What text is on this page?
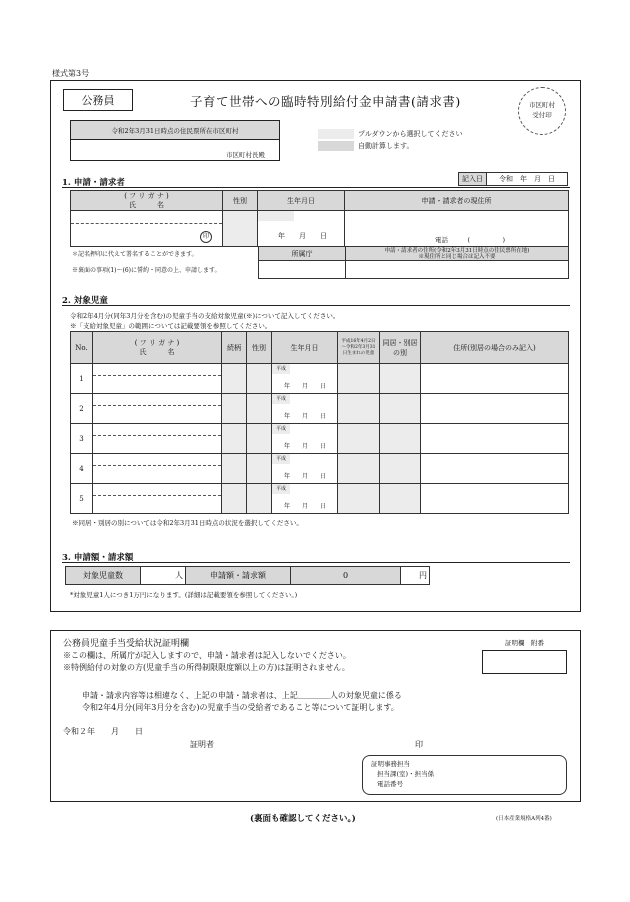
様式第3号
公務員	子育て世帯への臨時特別給付金申請書(請求書)	市区町村
受付印
令和2年3月31日時点の住民票所在市区町村
市区町村長殿
プルダウンから選択してください
自動計算します。
1. 申請・請求者	記入日	令和　年　月　日
( フ リ ガ ナ )
氏　　　名	性別	生年月日	申請・請求者の現住所

印		年　　月　　日	電話　　　(　　　　　)
＊記名押印に代えて署名することができます。
※裏面の事項(1)～(6)に誓約・同意の上、申請します。
所属庁	申請・請求者の住所(令和2年3月31日時点の住民票所在地)
※現住所と同じ場合は記入不要

2. 対象児童
令和2年4月分(同年3月分を含む)の児童手当の支給対象児童(※)について記入してください。
※「支給対象児童」の範囲については記載要領を参照してください。
No.	( フ リ ガ ナ )
氏　　　名	続柄	性別	生年月日	平成16年4月2日～令和2年3月31日生まれの児童	同居・別居の別	住所(別居の場合のみ記入)
1				平成
年　　月　　日			

2				平成
年　　月　　日			

3				平成
年　　月　　日			

4				平成
年　　月　　日			

5				平成
年　　月　　日			

※同居・別居の別については令和2年3月31日時点の状況を選択してください。
3. 申請額・請求額
対象児童数	人	申請額・請求額	0	円
*対象児童1人につき1万円になります。(詳細は記載要領を参照してください。)
公務員児童手当受給状況証明欄	証明欄　附番
※この欄は、所属庁が記入しますので、申請・請求者は記入しないでください。
※特例給付の対象の方(児童手当の所得制限限度額以上の方)は証明されません。
申請・請求内容等は相違なく、上記の申請・請求者は、上記＿＿＿＿人の対象児童に係る
令和2年4月分(同年3月分を含む)の児童手当の受給者であること等について証明します。
令和２年　　月　　日
証明者	印
証明事務担当
担当課(室)・担当係
電話番号
(裏面も確認してください。)	(日本産業規格A列4番)
